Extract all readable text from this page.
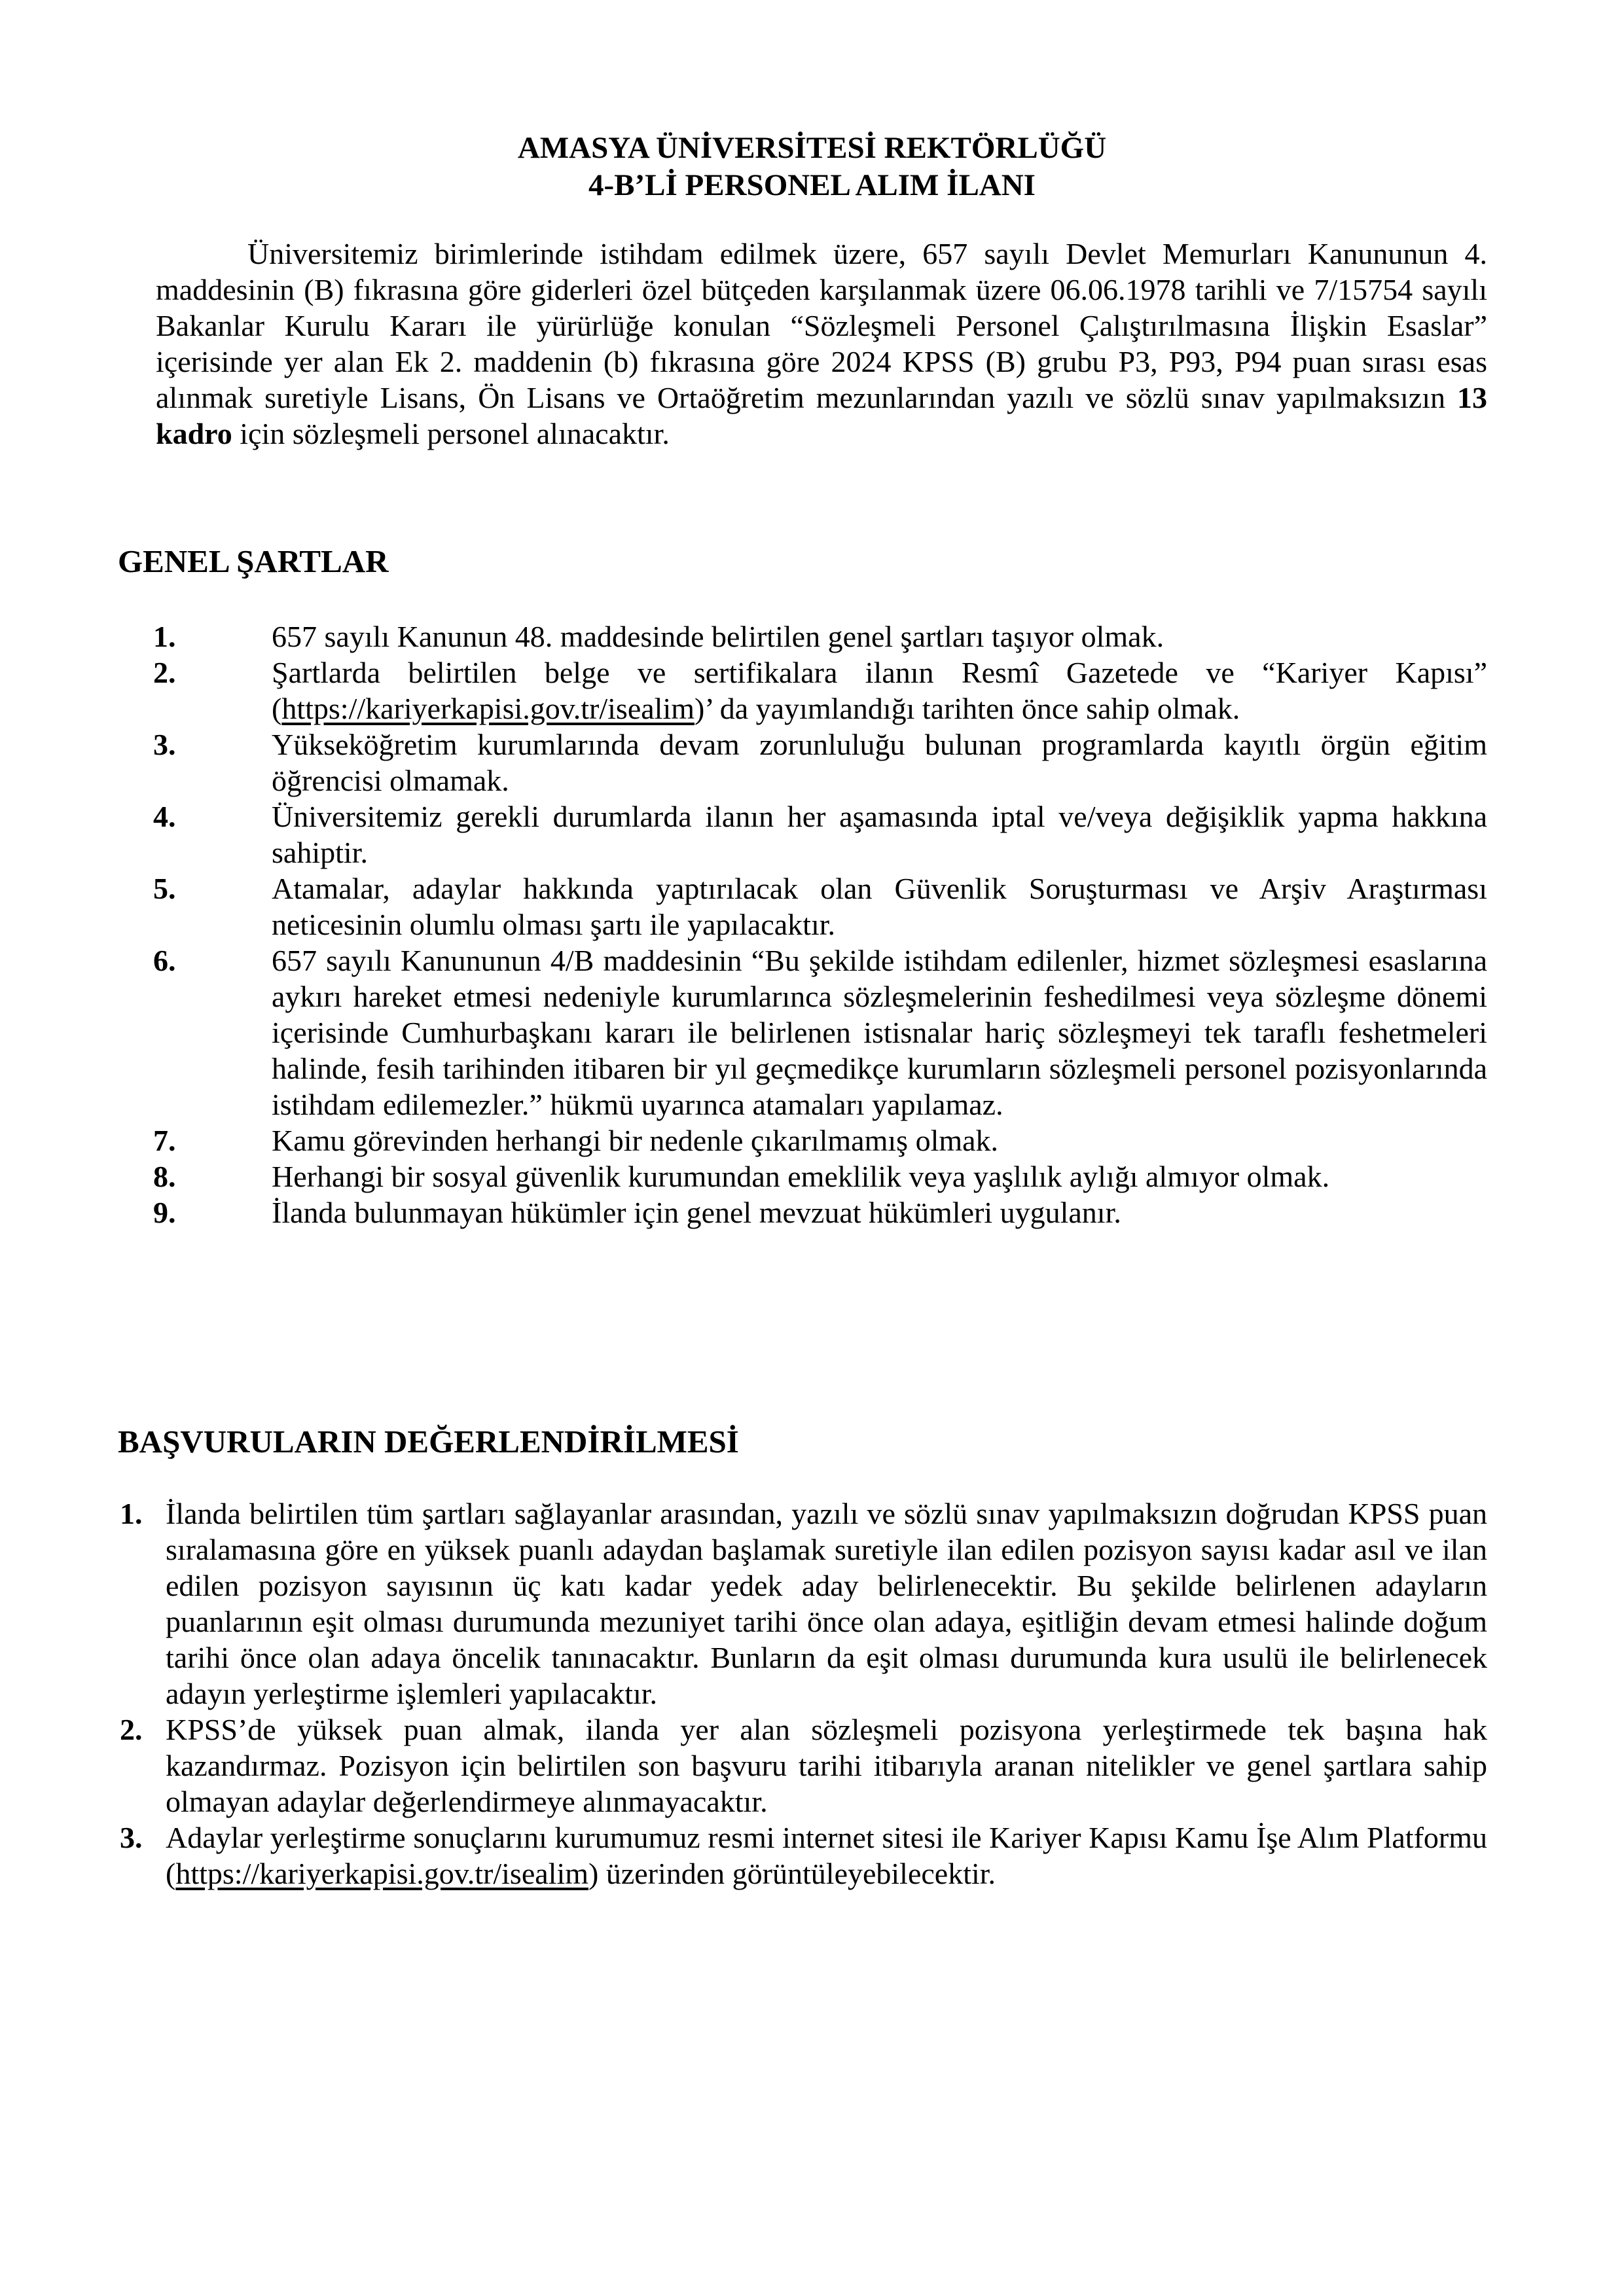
AMASYA ÜNİVERSİTESİ REKTÖRLÜĞÜ
4-B’Lİ PERSONEL ALIM İLANI

Üniversitemiz birimlerinde istihdam edilmek üzere, 657 sayılı Devlet Memurları Kanununun 4. maddesinin (B) fıkrasına göre giderleri özel bütçeden karşılanmak üzere 06.06.1978 tarihli ve 7/15754 sayılı Bakanlar Kurulu Kararı ile yürürlüğe konulan “Sözleşmeli Personel Çalıştırılmasına İlişkin Esaslar” içerisinde yer alan Ek 2. maddenin (b) fıkrasına göre 2024 KPSS (B) grubu P3, P93, P94 puan sırası esas alınmak suretiyle Lisans, Ön Lisans ve Ortaöğretim mezunlarından yazılı ve sözlü sınav yapılmaksızın 13 kadro için sözleşmeli personel alınacaktır.

GENEL ŞARTLAR
1.	657 sayılı Kanunun 48. maddesinde belirtilen genel şartları taşıyor olmak.
2.	Şartlarda belirtilen belge ve sertifikalara ilanın Resmî Gazetede ve “Kariyer Kapısı” (https://kariyerkapisi.gov.tr/isealim)’ da yayımlandığı tarihten önce sahip olmak.
3.	Yükseköğretim kurumlarında devam zorunluluğu bulunan programlarda kayıtlı örgün eğitim öğrencisi olmamak.
4.	Üniversitemiz gerekli durumlarda ilanın her aşamasında iptal ve/veya değişiklik yapma hakkına sahiptir.
5.	Atamalar, adaylar hakkında yaptırılacak olan Güvenlik Soruşturması ve Arşiv Araştırması neticesinin olumlu olması şartı ile yapılacaktır.
6.	657 sayılı Kanununun 4/B maddesinin “Bu şekilde istihdam edilenler, hizmet sözleşmesi esaslarına aykırı hareket etmesi nedeniyle kurumlarınca sözleşmelerinin feshedilmesi veya sözleşme dönemi içerisinde Cumhurbaşkanı kararı ile belirlenen istisnalar hariç sözleşmeyi tek taraflı feshetmeleri halinde, fesih tarihinden itibaren bir yıl geçmedikçe kurumların sözleşmeli personel pozisyonlarında istihdam edilemezler.” hükmü uyarınca atamaları yapılamaz.
7.	Kamu görevinden herhangi bir nedenle çıkarılmamış olmak.
8.	Herhangi bir sosyal güvenlik kurumundan emeklilik veya yaşlılık aylığı almıyor olmak.
9.	İlanda bulunmayan hükümler için genel mevzuat hükümleri uygulanır.
BAŞVURULARIN DEĞERLENDİRİLMESİ
1. İlanda belirtilen tüm şartları sağlayanlar arasından, yazılı ve sözlü sınav yapılmaksızın doğrudan KPSS puan sıralamasına göre en yüksek puanlı adaydan başlamak suretiyle ilan edilen pozisyon sayısı kadar asıl ve ilan edilen pozisyon sayısının üç katı kadar yedek aday belirlenecektir. Bu şekilde belirlenen adayların puanlarının eşit olması durumunda mezuniyet tarihi önce olan adaya, eşitliğin devam etmesi halinde doğum tarihi önce olan adaya öncelik tanınacaktır. Bunların da eşit olması durumunda kura usulü ile belirlenecek adayın yerleştirme işlemleri yapılacaktır.
2. KPSS’de yüksek puan almak, ilanda yer alan sözleşmeli pozisyona yerleştirmede tek başına hak kazandırmaz. Pozisyon için belirtilen son başvuru tarihi itibarıyla aranan nitelikler ve genel şartlara sahip olmayan adaylar değerlendirmeye alınmayacaktır.
3. Adaylar yerleştirme sonuçlarını kurumumuz resmi internet sitesi ile Kariyer Kapısı Kamu İşe Alım Platformu (https://kariyerkapisi.gov.tr/isealim) üzerinden görüntüleyebilecektir.
